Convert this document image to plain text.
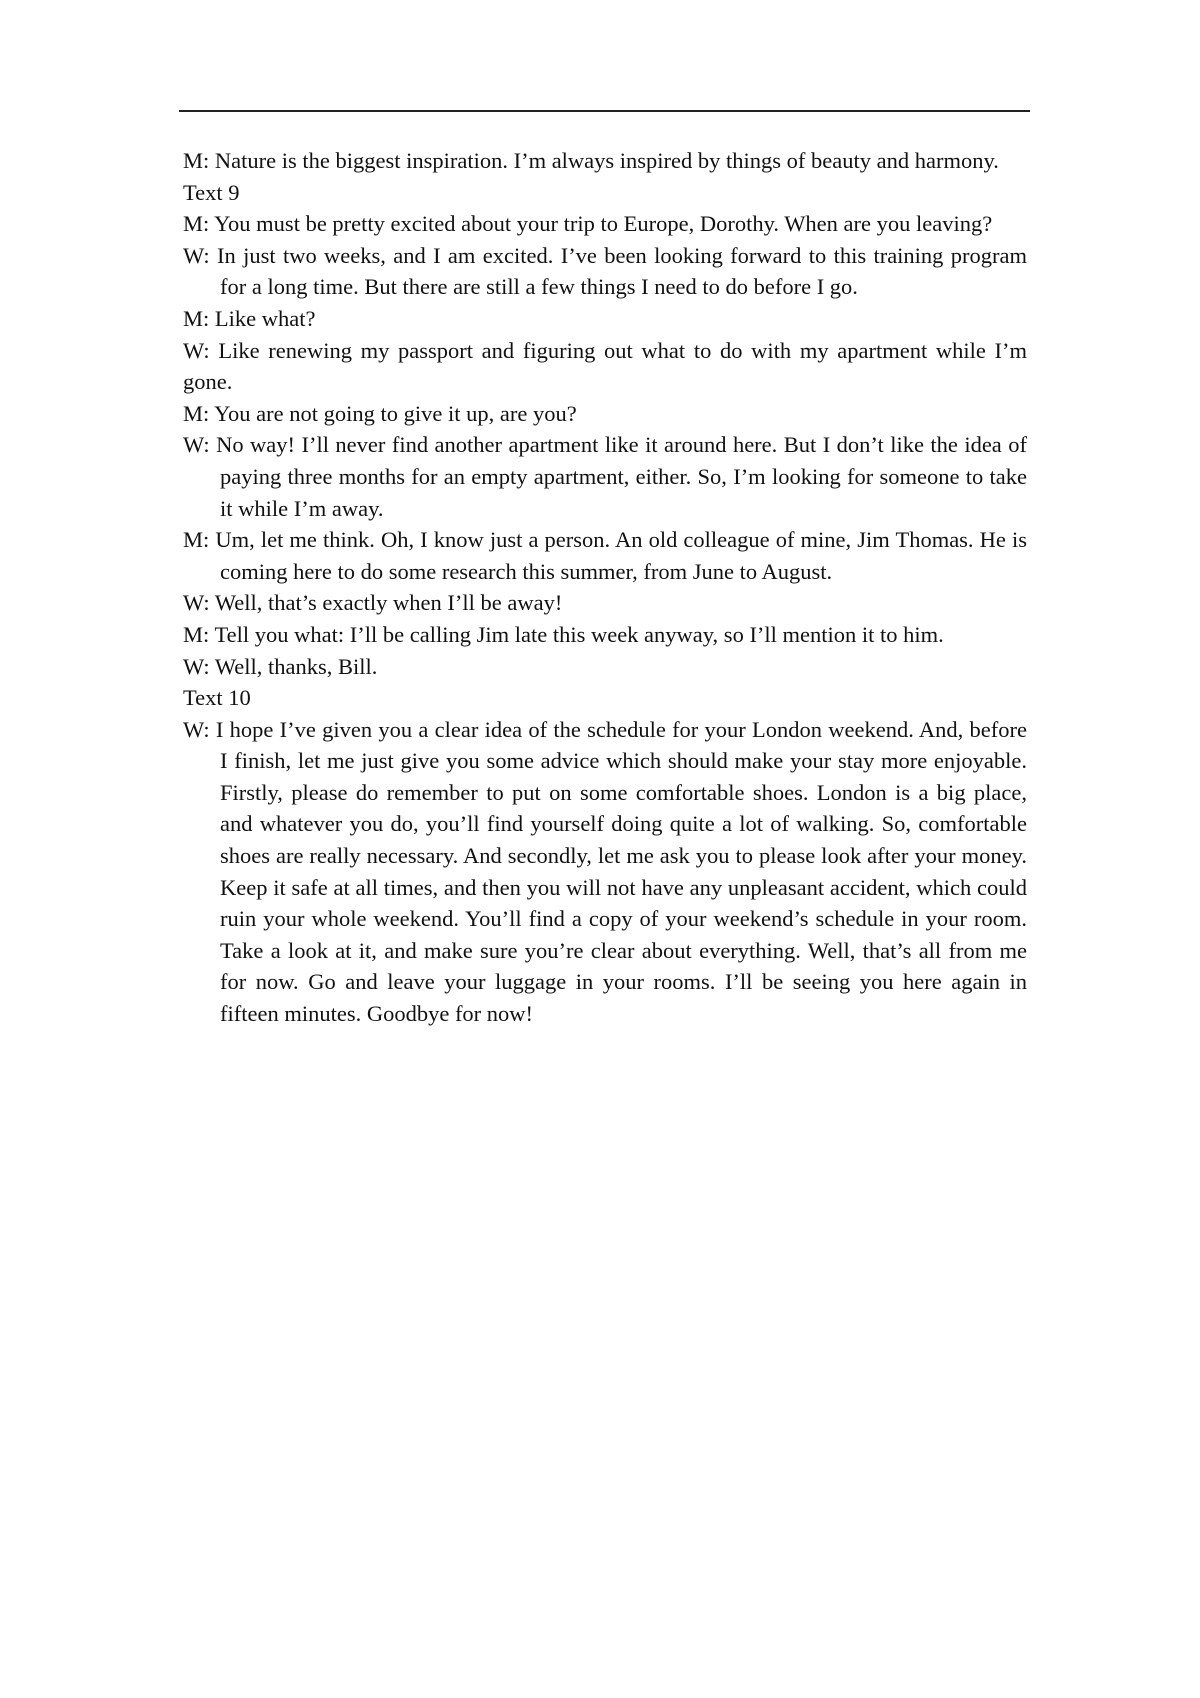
M: Nature is the biggest inspiration. I’m always inspired by things of beauty and harmony.

Text 9

M: You must be pretty excited about your trip to Europe, Dorothy. When are you leaving?

W: In just two weeks, and I am excited. I’ve been looking forward to this training program for a long time. But there are still a few things I need to do before I go.

M: Like what?

W: Like renewing my passport and figuring out what to do with my apartment while I’m gone.

M: You are not going to give it up, are you?

W: No way! I’ll never find another apartment like it around here. But I don’t like the idea of paying three months for an empty apartment, either. So, I’m looking for someone to take it while I’m away.

M: Um, let me think. Oh, I know just a person. An old colleague of mine, Jim Thomas. He is coming here to do some research this summer, from June to August.

W: Well, that’s exactly when I’ll be away!

M: Tell you what: I’ll be calling Jim late this week anyway, so I’ll mention it to him.

W: Well, thanks, Bill.

Text 10

W: I hope I’ve given you a clear idea of the schedule for your London weekend. And, before I finish, let me just give you some advice which should make your stay more enjoyable. Firstly, please do remember to put on some comfortable shoes. London is a big place, and whatever you do, you’ll find yourself doing quite a lot of walking. So, comfortable shoes are really necessary. And secondly, let me ask you to please look after your money. Keep it safe at all times, and then you will not have any unpleasant accident, which could ruin your whole weekend. You’ll find a copy of your weekend’s schedule in your room. Take a look at it, and make sure you’re clear about everything. Well, that’s all from me for now. Go and leave your luggage in your rooms. I’ll be seeing you here again in fifteen minutes. Goodbye for now!
